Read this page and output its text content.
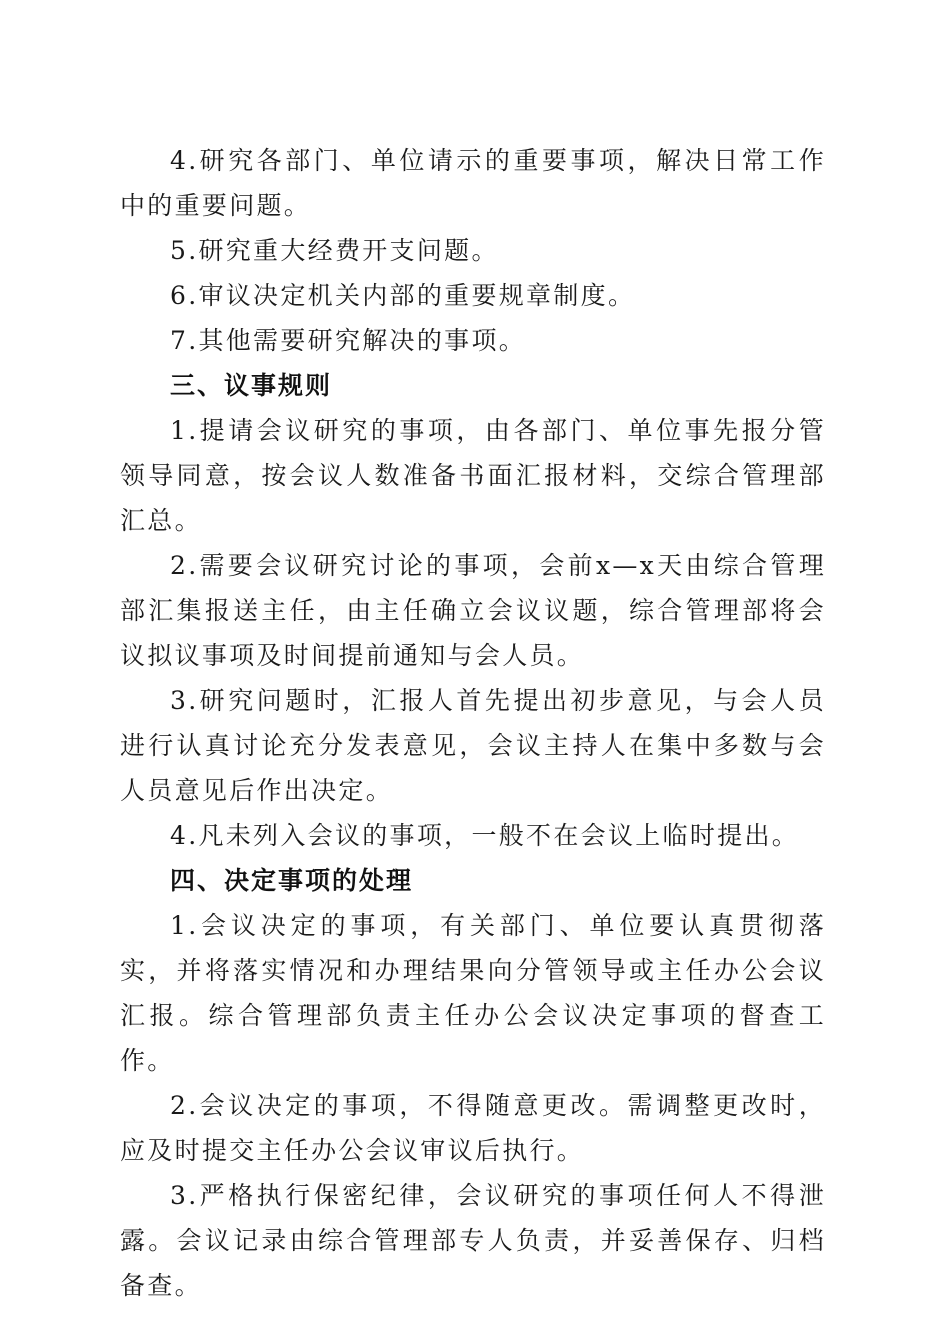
4.研究各部门、单位请示的重要事项，解决日常工作中的重要问题。

5.研究重大经费开支问题。

6.审议决定机关内部的重要规章制度。

7.其他需要研究解决的事项。

三、议事规则

1.提请会议研究的事项，由各部门、单位事先报分管领导同意，按会议人数准备书面汇报材料，交综合管理部汇总。

2.需要会议研究讨论的事项，会前x—x天由综合管理部汇集报送主任，由主任确立会议议题，综合管理部将会议拟议事项及时间提前通知与会人员。

3.研究问题时，汇报人首先提出初步意见，与会人员进行认真讨论充分发表意见，会议主持人在集中多数与会人员意见后作出决定。

4.凡未列入会议的事项，一般不在会议上临时提出。

四、决定事项的处理

1.会议决定的事项，有关部门、单位要认真贯彻落实，并将落实情况和办理结果向分管领导或主任办公会议汇报。综合管理部负责主任办公会议决定事项的督查工作。

2.会议决定的事项，不得随意更改。需调整更改时，应及时提交主任办公会议审议后执行。

3.严格执行保密纪律，会议研究的事项任何人不得泄露。会议记录由综合管理部专人负责，并妥善保存、归档备查。
